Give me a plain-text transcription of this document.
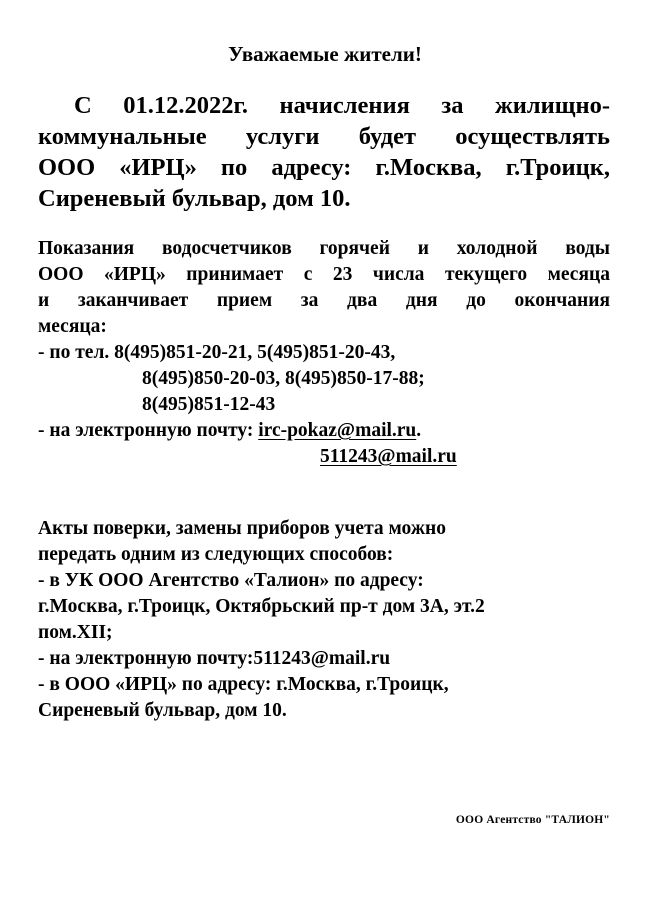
Уважаемые жители!
С 01.12.2022г. начисления за жилищно-
коммунальные услуги будет осуществлять
ООО «ИРЦ» по адресу: г.Москва, г.Троицк,
Сиреневый бульвар, дом 10.
Показания водосчетчиков горячей и холодной воды
ООО «ИРЦ» принимает с 23 числа текущего месяца
и заканчивает прием за два дня до окончания
месяца:
- по тел. 8(495)851-20-21, 5(495)851-20-43,
8(495)850-20-03, 8(495)850-17-88;
8(495)851-12-43
- на электронную почту: irc-pokaz@mail.ru.
511243@mail.ru
Акты поверки, замены приборов учета можно
передать одним из следующих способов:
- в УК ООО Агентство «Талион» по адресу:
г.Москва, г.Троицк, Октябрьский пр-т дом 3А, эт.2
пом.XII;
- на электронную почту:511243@mail.ru
- в ООО «ИРЦ» по адресу: г.Москва, г.Троицк,
Сиреневый бульвар, дом 10.
ООО Агентство "ТАЛИОН"
